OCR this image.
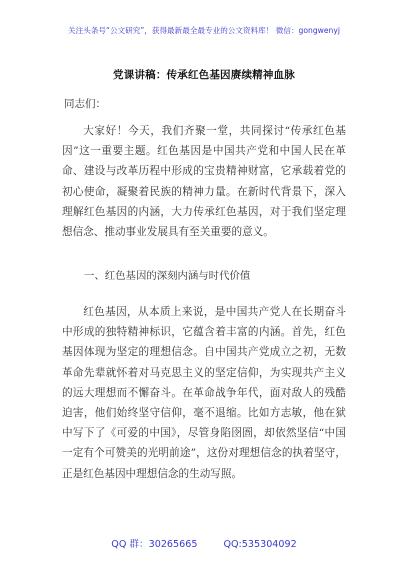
关注头条号“公文研究”，获得最新最全最专业的公文资料库！ 微信：gongwenyj
党课讲稿：传承红色基因赓续精神血脉
同志们：

大家好！今天，我们齐聚一堂，共同探讨“传承红色基因”这一重要主题。红色基因是中国共产党和中国人民在革命、建设与改革历程中形成的宝贵精神财富，它承载着党的初心使命，凝聚着民族的精神力量。在新时代背景下，深入理解红色基因的内涵，大力传承红色基因，对于我们坚定理想信念、推动事业发展具有至关重要的意义。

一、红色基因的深刻内涵与时代价值

红色基因，从本质上来说，是中国共产党人在长期奋斗中形成的独特精神标识，它蕴含着丰富的内涵。首先，红色基因体现为坚定的理想信念。自中国共产党成立之初，无数革命先辈就怀着对马克思主义的坚定信仰，为实现共产主义的远大理想而不懈奋斗。在革命战争年代，面对敌人的残酷迫害，他们始终坚守信仰，毫不退缩。比如方志敏，他在狱中写下了《可爱的中国》，尽管身陷囹圄，却依然坚信“中国一定有个可赞美的光明前途”，这份对理想信念的执着坚守，正是红色基因中理想信念的生动写照。

QQ 群：30265665	QQ:535304092
